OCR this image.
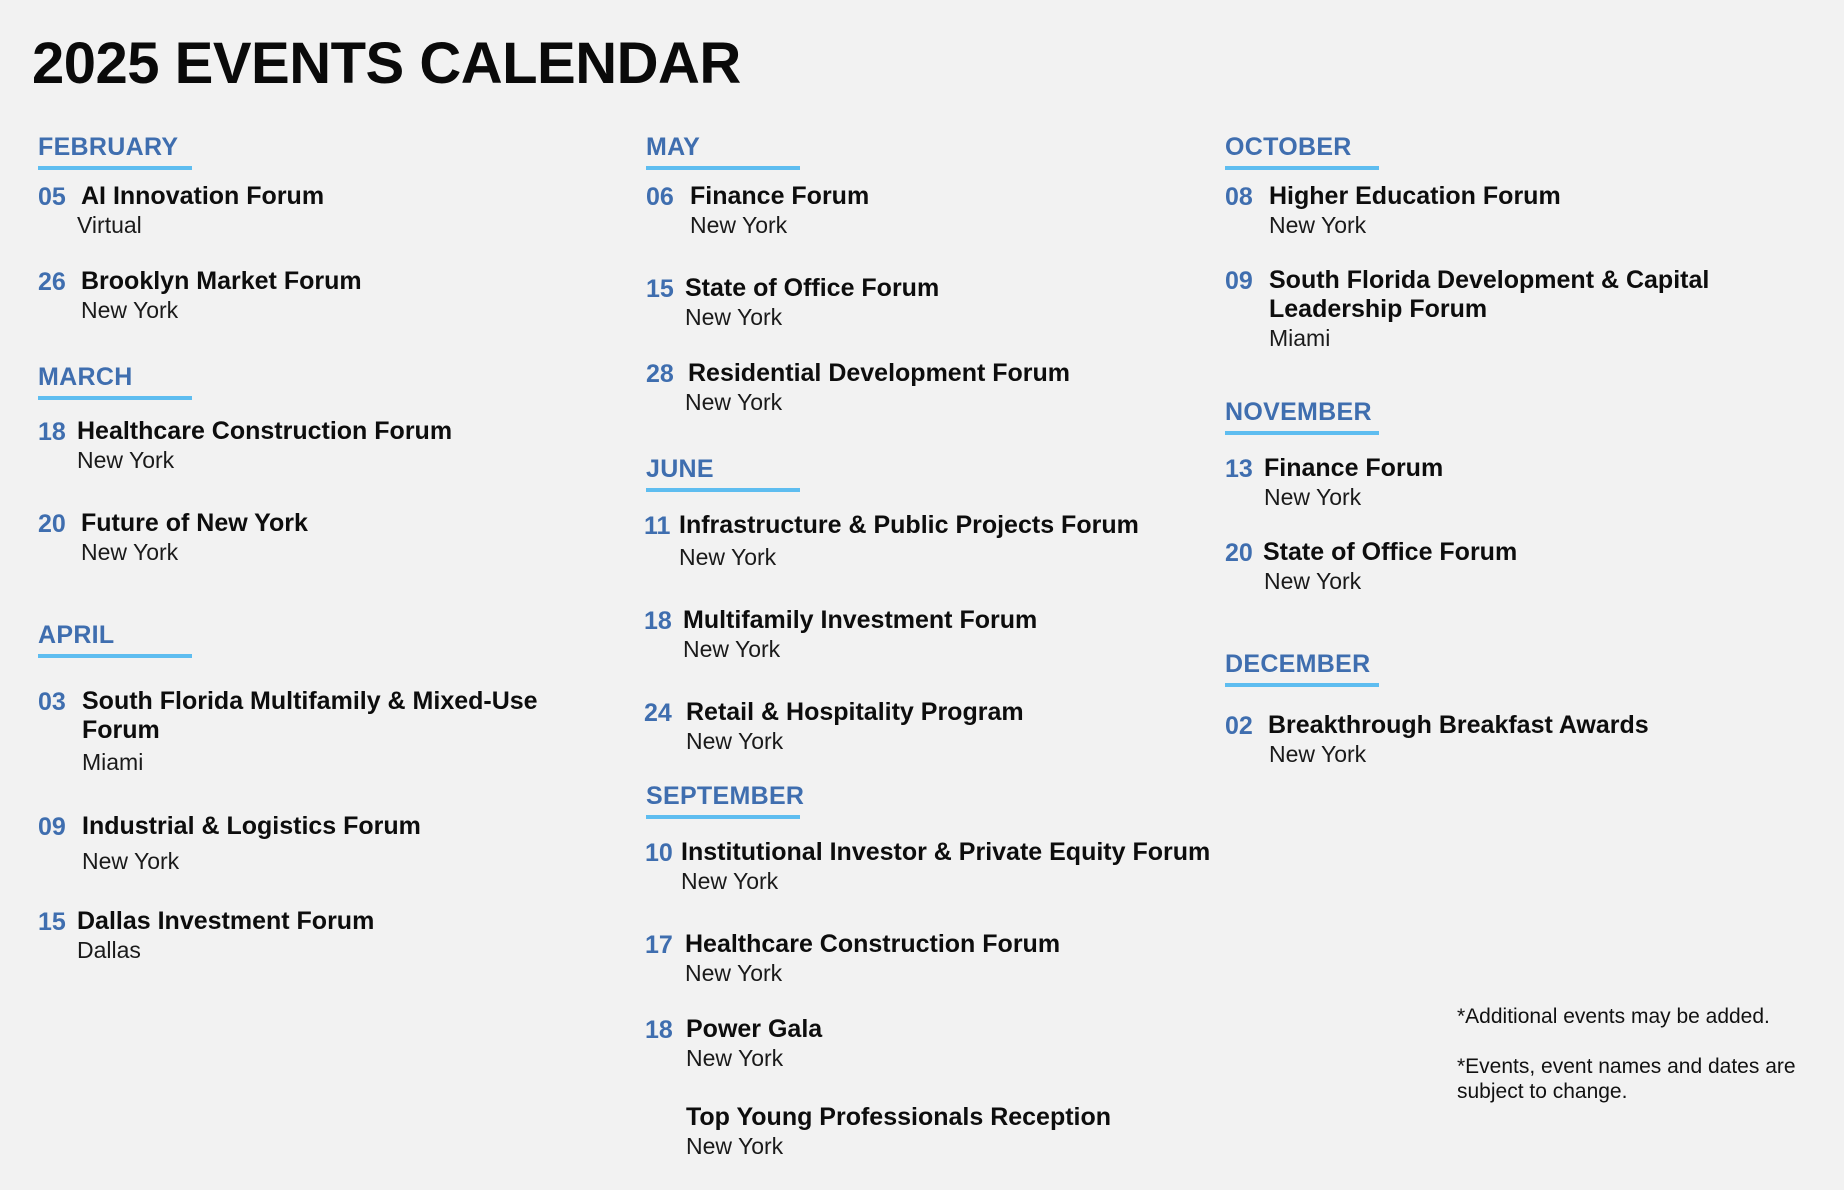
2025 EVENTS CALENDAR
FEBRUARY
05 AI Innovation Forum
Virtual
26 Brooklyn Market Forum
New York
MARCH
18 Healthcare Construction Forum
New York
20 Future of New York
New York
APRIL
03 South Florida Multifamily & Mixed-Use Forum
Miami
09 Industrial & Logistics Forum
New York
15 Dallas Investment Forum
Dallas
MAY
06 Finance Forum
New York
15 State of Office Forum
New York
28 Residential Development Forum
New York
JUNE
11 Infrastructure & Public Projects Forum
New York
18 Multifamily Investment Forum
New York
24 Retail & Hospitality Program
New York
SEPTEMBER
10 Institutional Investor & Private Equity Forum
New York
17 Healthcare Construction Forum
New York
18 Power Gala
New York
Top Young Professionals Reception
New York
OCTOBER
08 Higher Education Forum
New York
09 South Florida Development & Capital Leadership Forum
Miami
NOVEMBER
13 Finance Forum
New York
20 State of Office Forum
New York
DECEMBER
02 Breakthrough Breakfast Awards
New York

*Additional events may be added.

*Events, event names and dates are subject to change.
